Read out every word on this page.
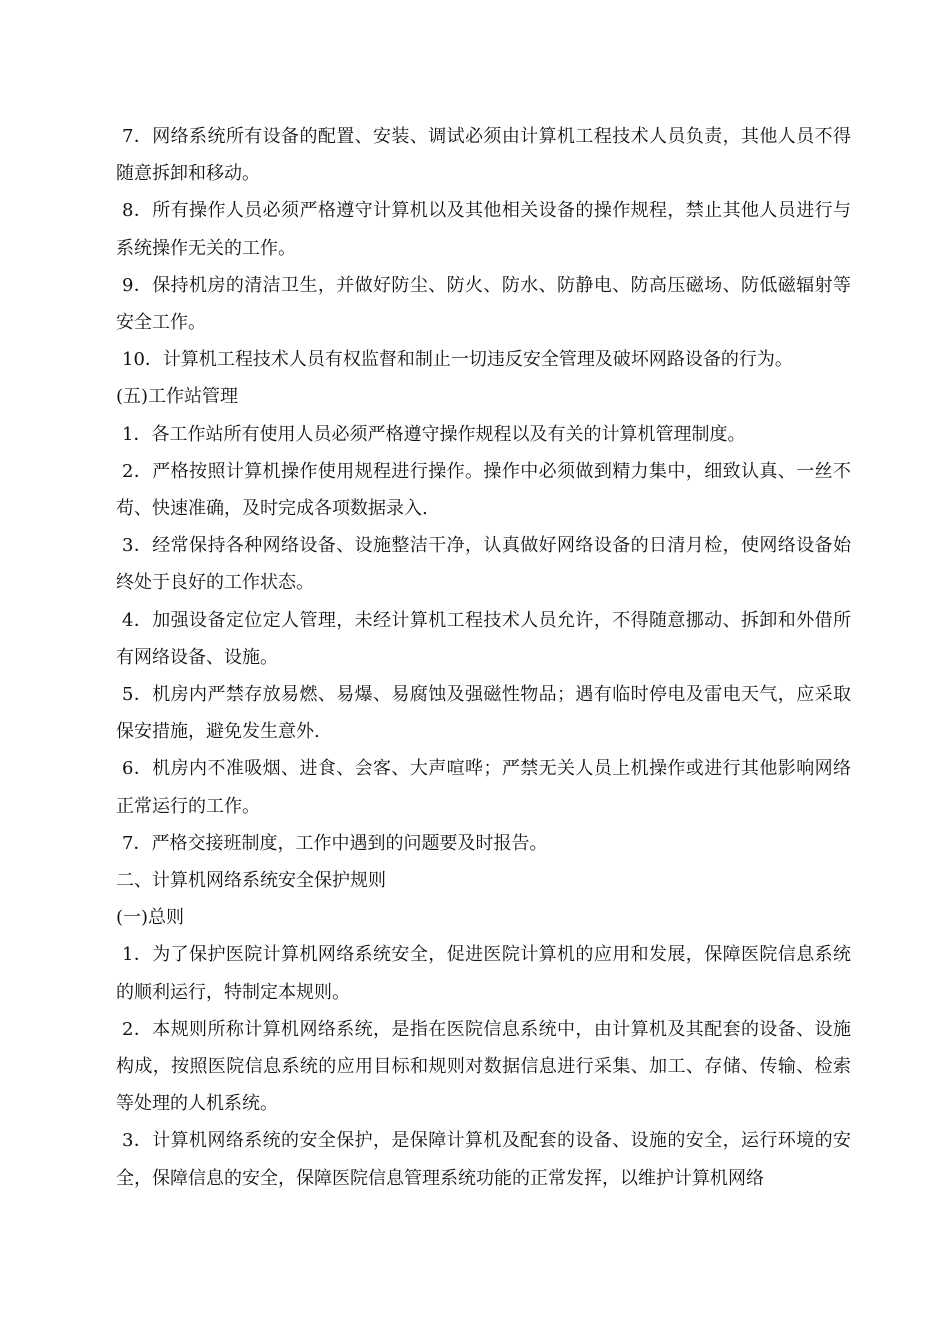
7．网络系统所有设备的配置、安装、调试必须由计算机工程技术人员负责，其他人员不得随意拆卸和移动。

8．所有操作人员必须严格遵守计算机以及其他相关设备的操作规程，禁止其他人员进行与系统操作无关的工作。

9．保持机房的清洁卫生，并做好防尘、防火、防水、防静电、防高压磁场、防低磁辐射等安全工作。

10．计算机工程技术人员有权监督和制止一切违反安全管理及破坏网路设备的行为。

(五)工作站管理

1．各工作站所有使用人员必须严格遵守操作规程以及有关的计算机管理制度。

2．严格按照计算机操作使用规程进行操作。操作中必须做到精力集中，细致认真、一丝不苟、快速准确，及时完成各项数据录入.

3．经常保持各种网络设备、设施整洁干净，认真做好网络设备的日清月检，使网络设备始终处于良好的工作状态。

4．加强设备定位定人管理，未经计算机工程技术人员允许，不得随意挪动、拆卸和外借所有网络设备、设施。

5．机房内严禁存放易燃、易爆、易腐蚀及强磁性物品；遇有临时停电及雷电天气，应采取保安措施，避免发生意外.

6．机房内不准吸烟、进食、会客、大声喧哗；严禁无关人员上机操作或进行其他影响网络正常运行的工作。

7．严格交接班制度，工作中遇到的问题要及时报告。

二、计算机网络系统安全保护规则

(一)总则

1．为了保护医院计算机网络系统安全，促进医院计算机的应用和发展，保障医院信息系统的顺利运行，特制定本规则。

2．本规则所称计算机网络系统，是指在医院信息系统中，由计算机及其配套的设备、设施构成，按照医院信息系统的应用目标和规则对数据信息进行采集、加工、存储、传输、检索等处理的人机系统。

3．计算机网络系统的安全保护，是保障计算机及配套的设备、设施的安全，运行环境的安全，保障信息的安全，保障医院信息管理系统功能的正常发挥，以维护计算机网络
